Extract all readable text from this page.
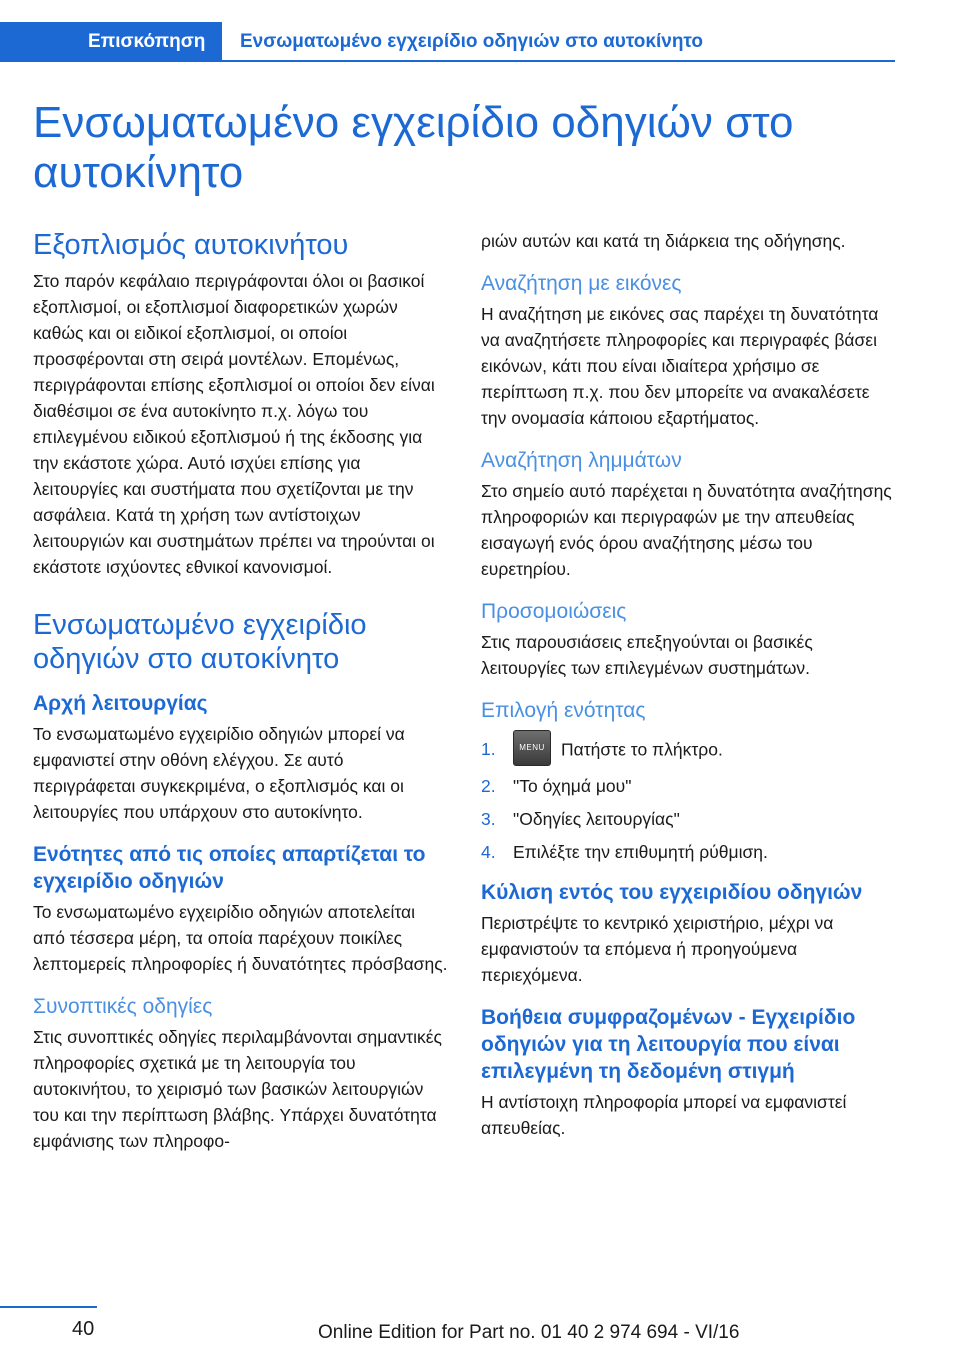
Επισκόπηση	Ενσωματωμένο εγχειρίδιο οδηγιών στο αυτοκίνητο
Ενσωματωμένο εγχειρίδιο οδηγιών στο αυτοκίνητο
Εξοπλισμός αυτοκινήτου

Στο παρόν κεφάλαιο περιγράφονται όλοι οι βασικοί εξοπλισμοί, οι εξοπλισμοί διαφορετικών χωρών καθώς και οι ειδικοί εξοπλισμοί, οι οποίοι προσφέρονται στη σειρά μοντέλων. Επομένως, περιγράφονται επίσης εξοπλισμοί οι οποίοι δεν είναι διαθέσιμοι σε ένα αυτοκίνητο π.χ. λόγω του επιλεγμένου ειδικού εξοπλισμού ή της έκδοσης για την εκάστοτε χώρα. Αυτό ισχύει επίσης για λειτουργίες και συστήματα που σχετίζονται με την ασφάλεια. Κατά τη χρήση των αντίστοιχων λειτουργιών και συστημάτων πρέπει να τηρούνται οι εκάστοτε ισχύοντες εθνικοί κανονισμοί.

Ενσωματωμένο εγχειρίδιο οδηγιών στο αυτοκίνητο
Αρχή λειτουργίας

Το ενσωματωμένο εγχειρίδιο οδηγιών μπορεί να εμφανιστεί στην οθόνη ελέγχου. Σε αυτό περιγράφεται συγκεκριμένα, ο εξοπλισμός και οι λειτουργίες που υπάρχουν στο αυτοκίνητο.

Ενότητες από τις οποίες απαρτίζεται το εγχειρίδιο οδηγιών

Το ενσωματωμένο εγχειρίδιο οδηγιών αποτελείται από τέσσερα μέρη, τα οποία παρέχουν ποικίλες λεπτομερείς πληροφορίες ή δυνατότητες πρόσβασης.

Συνοπτικές οδηγίες

Στις συνοπτικές οδηγίες περιλαμβάνονται σημαντικές πληροφορίες σχετικά με τη λειτουργία του αυτοκινήτου, το χειρισμό των βασικών λειτουργιών του και την περίπτωση βλάβης. Υπάρχει δυνατότητα εμφάνισης των πληροφο-

ριών αυτών και κατά τη διάρκεια της οδήγησης.

Αναζήτηση με εικόνες

Η αναζήτηση με εικόνες σας παρέχει τη δυνατότητα να αναζητήσετε πληροφορίες και περιγραφές βάσει εικόνων, κάτι που είναι ιδιαίτερα χρήσιμο σε περίπτωση π.χ. που δεν μπορείτε να ανακαλέσετε την ονομασία κάποιου εξαρτήματος.

Αναζήτηση λημμάτων

Στο σημείο αυτό παρέχεται η δυνατότητα αναζήτησης πληροφοριών και περιγραφών με την απευθείας εισαγωγή ενός όρου αναζήτησης μέσω του ευρετηρίου.

Προσομοιώσεις

Στις παρουσιάσεις επεξηγούνται οι βασικές λειτουργίες των επιλεγμένων συστημάτων.

Επιλογή ενότητας
1.	MENU Πατήστε το πλήκτρο.
2. "Το όχημά μου"
3. "Οδηγίες λειτουργίας"
4. Επιλέξτε την επιθυμητή ρύθμιση.
Κύλιση εντός του εγχειριδίου οδηγιών

Περιστρέψτε το κεντρικό χειριστήριο, μέχρι να εμφανιστούν τα επόμενα ή προηγούμενα περιεχόμενα.

Βοήθεια συμφραζομένων - Εγχειρίδιο οδηγιών για τη λειτουργία που είναι επιλεγμένη τη δεδομένη στιγμή

Η αντίστοιχη πληροφορία μπορεί να εμφανιστεί απευθείας.

40	Online Edition for Part no. 01 40 2 974 694 - VI/16
